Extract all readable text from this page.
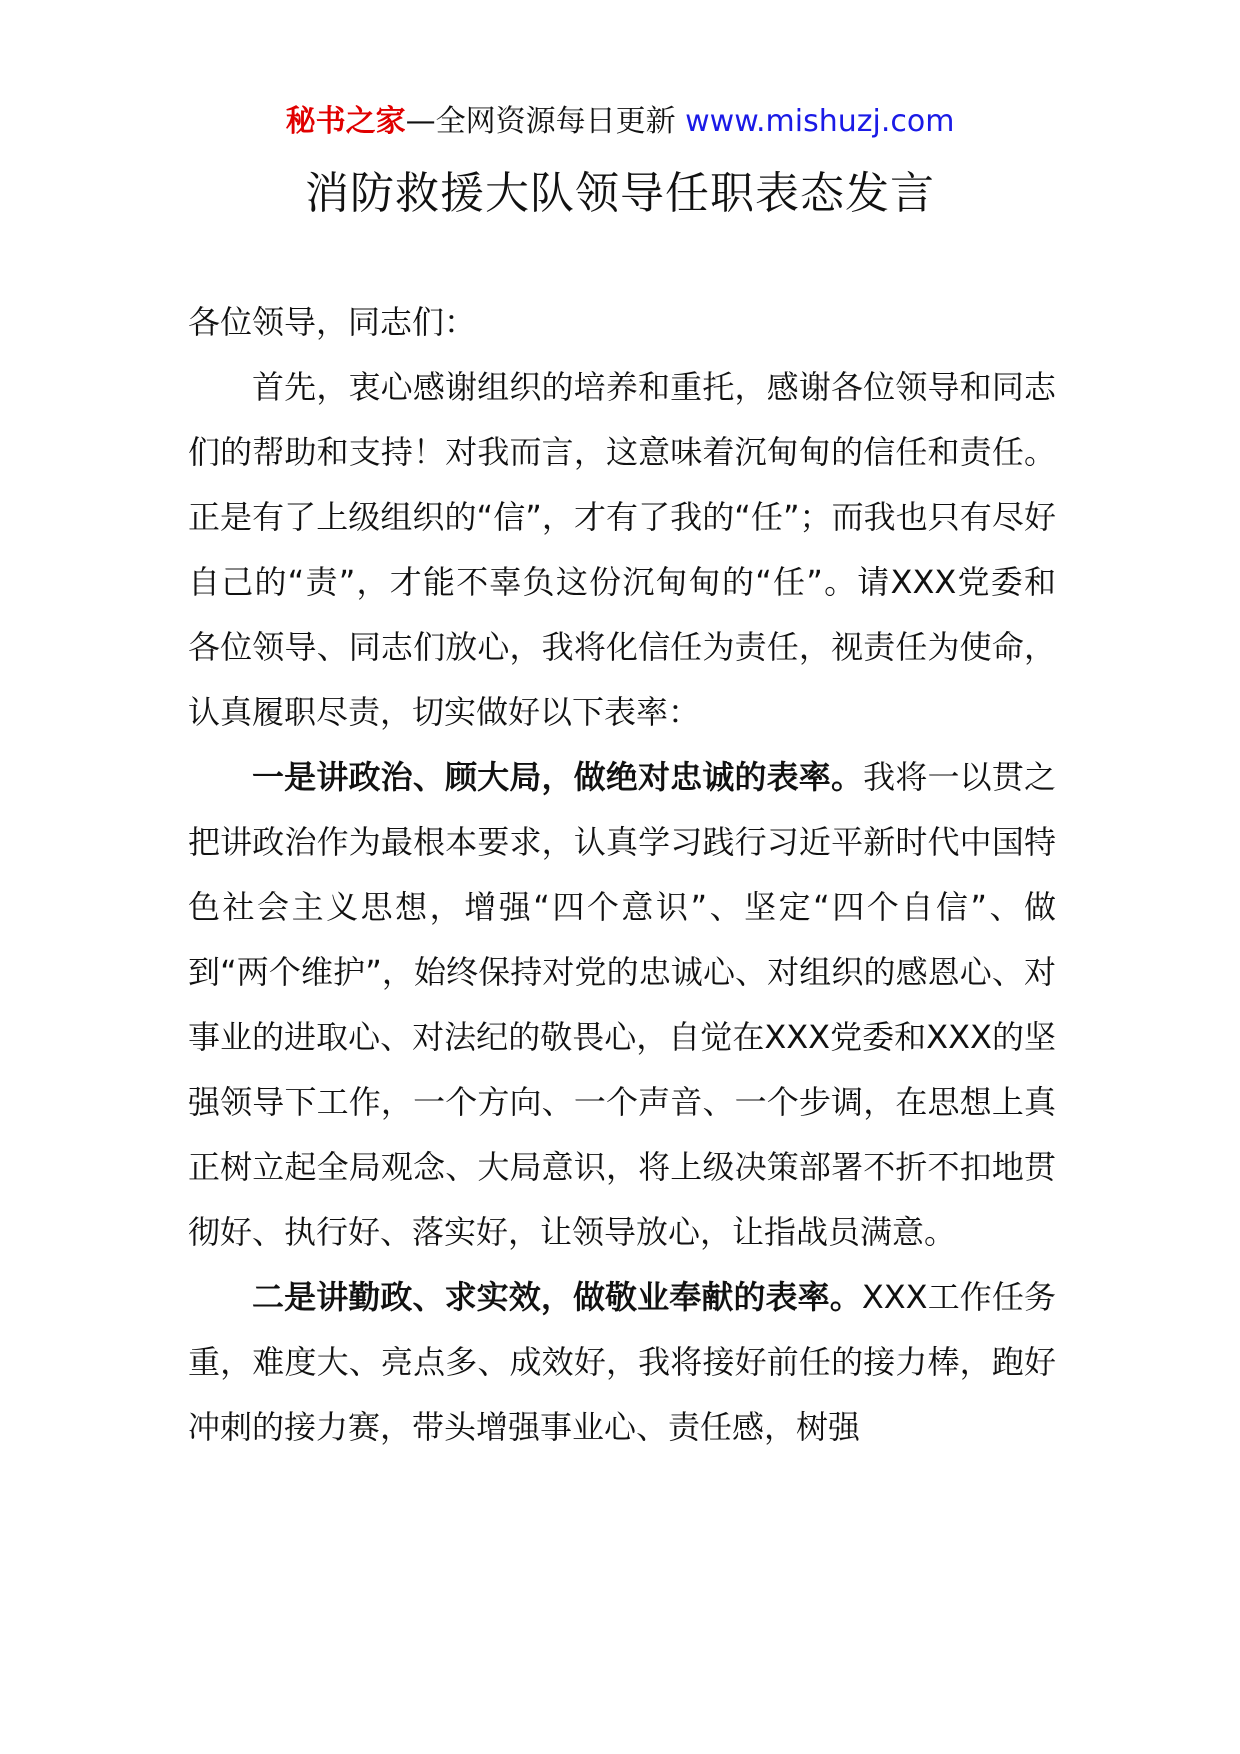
秘书之家—全网资源每日更新 www.mishuzj.com
消防救援大队领导任职表态发言

各位领导，同志们：

首先，衷心感谢组织的培养和重托，感谢各位领导和同志们的帮助和支持！对我而言，这意味着沉甸甸的信任和责任。正是有了上级组织的“信”，才有了我的“任”；而我也只有尽好自己的“责”，才能不辜负这份沉甸甸的“任”。请XXX党委和各位领导、同志们放心，我将化信任为责任，视责任为使命，认真履职尽责，切实做好以下表率：

一是讲政治、顾大局，做绝对忠诚的表率。我将一以贯之把讲政治作为最根本要求，认真学习践行习近平新时代中国特色社会主义思想，增强“四个意识”、坚定“四个自信”、做到“两个维护”，始终保持对党的忠诚心、对组织的感恩心、对事业的进取心、对法纪的敬畏心，自觉在XXX党委和XXX的坚强领导下工作，一个方向、一个声音、一个步调，在思想上真正树立起全局观念、大局意识，将上级决策部署不折不扣地贯彻好、执行好、落实好，让领导放心，让指战员满意。

二是讲勤政、求实效，做敬业奉献的表率。XXX工作任务重，难度大、亮点多、成效好，我将接好前任的接力棒，跑好冲刺的接力赛，带头增强事业心、责任感，树强
